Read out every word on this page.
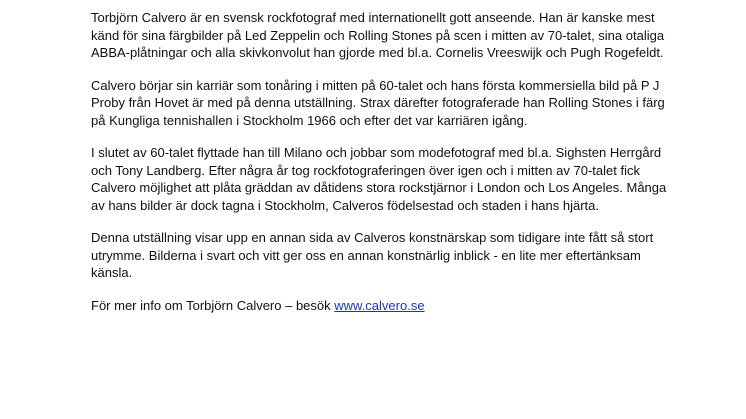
Torbjörn Calvero är en svensk rockfotograf med internationellt gott anseende. Han är kanske mest känd för sina färgbilder på Led Zeppelin och Rolling Stones på scen i mitten av 70-talet, sina otaliga ABBA-plåtningar och alla skivkonvolut han gjorde med bl.a. Cornelis Vreeswijk och Pugh Rogefeldt.

Calvero börjar sin karriär som tonåring i mitten på 60-talet och hans första kommersiella bild på P J Proby från Hovet är med på denna utställning. Strax därefter fotograferade han Rolling Stones i färg på Kungliga tennishallen i Stockholm 1966 och efter det var karriären igång.

I slutet av 60-talet flyttade han till Milano och jobbar som modefotograf med bl.a. Sighsten Herrgård och Tony Landberg. Efter några år tog rockfotograferingen över igen och i mitten av 70-talet fick Calvero möjlighet att plåta gräddan av dåtidens stora rockstjärnor i London och Los Angeles. Många av hans bilder är dock tagna i Stockholm, Calveros födelsestad och staden i hans hjärta.

Denna utställning visar upp en annan sida av Calveros konstnärskap som tidigare inte fått så stort utrymme. Bilderna i svart och vitt ger oss en annan konstnärlig inblick - en lite mer eftertänksam känsla.

För mer info om Torbjörn Calvero – besök www.calvero.se
